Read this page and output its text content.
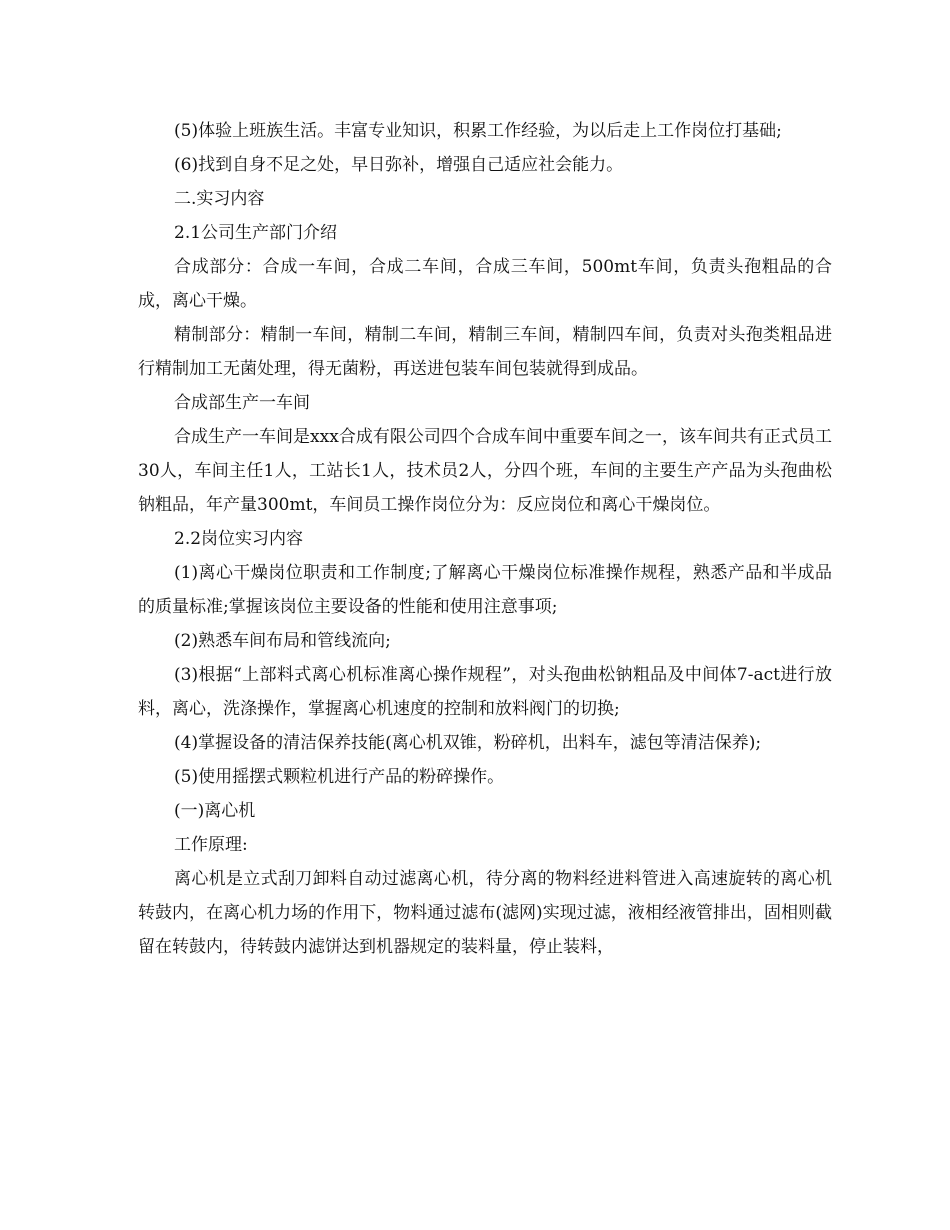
(5)体验上班族生活。丰富专业知识，积累工作经验，为以后走上工作岗位打基础;

(6)找到自身不足之处，早日弥补，增强自己适应社会能力。

二.实习内容

2.1公司生产部门介绍

合成部分：合成一车间，合成二车间，合成三车间，500mt车间，负责头孢粗品的合成，离心干燥。

精制部分：精制一车间，精制二车间，精制三车间，精制四车间，负责对头孢类粗品进行精制加工无菌处理，得无菌粉，再送进包装车间包装就得到成品。

合成部生产一车间

合成生产一车间是xxx合成有限公司四个合成车间中重要车间之一，该车间共有正式员工30人，车间主任1人，工站长1人，技术员2人，分四个班，车间的主要生产产品为头孢曲松钠粗品，年产量300mt，车间员工操作岗位分为：反应岗位和离心干燥岗位。

2.2岗位实习内容

(1)离心干燥岗位职责和工作制度;了解离心干燥岗位标准操作规程，熟悉产品和半成品的质量标准;掌握该岗位主要设备的性能和使用注意事项;

(2)熟悉车间布局和管线流向;

(3)根据“上部料式离心机标准离心操作规程”，对头孢曲松钠粗品及中间体7-act进行放料，离心，洗涤操作，掌握离心机速度的控制和放料阀门的切换;

(4)掌握设备的清洁保养技能(离心机双锥，粉碎机，出料车，滤包等清洁保养);

(5)使用摇摆式颗粒机进行产品的粉碎操作。

(一)离心机

工作原理:

离心机是立式刮刀卸料自动过滤离心机，待分离的物料经进料管进入高速旋转的离心机转鼓内，在离心机力场的作用下，物料通过滤布(滤网)实现过滤，液相经液管排出，固相则截留在转鼓内，待转鼓内滤饼达到机器规定的装料量，停止装料，
